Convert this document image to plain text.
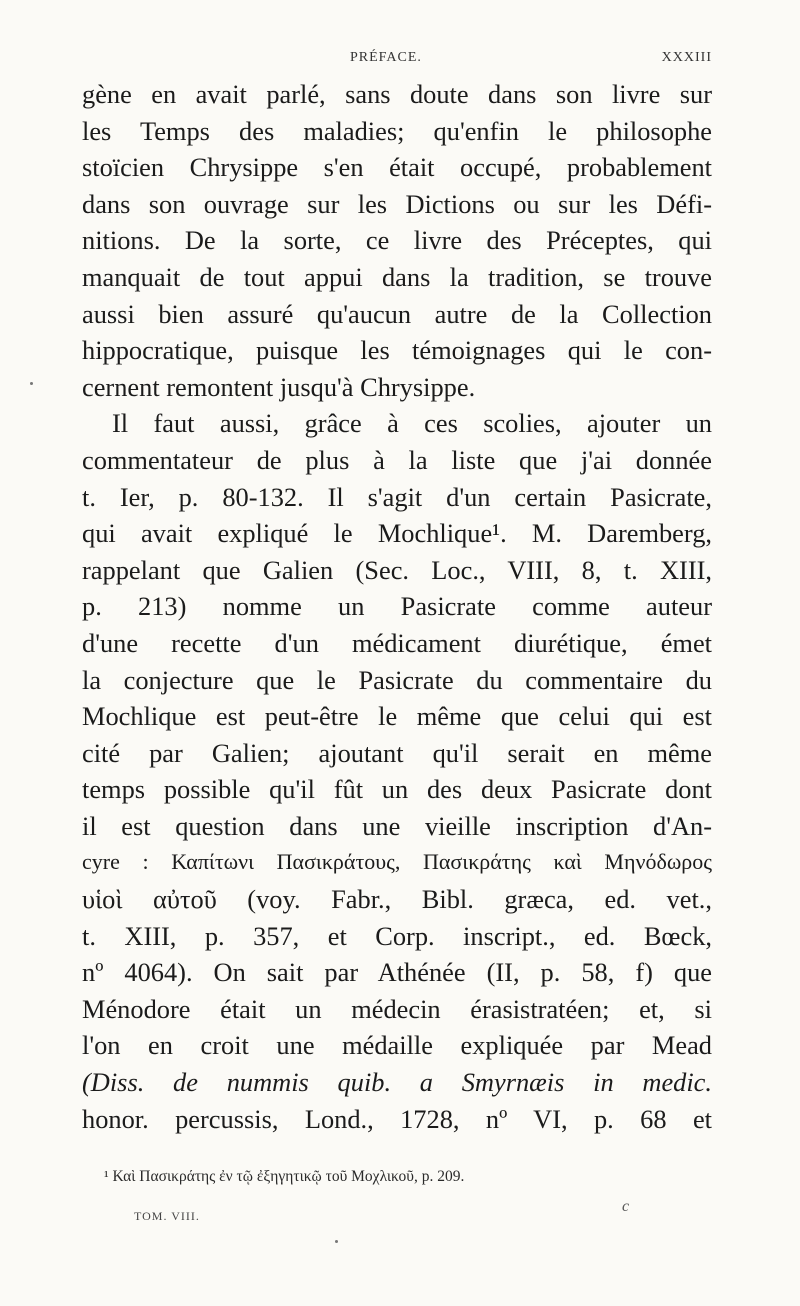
PRÉFACE.	XXXIII
gène en avait parlé, sans doute dans son livre sur
les Temps des maladies; qu'enfin le philosophe
stoïcien Chrysippe s'en était occupé, probablement
dans son ouvrage sur les Dictions ou sur les Défi-
nitions. De la sorte, ce livre des Préceptes, qui
manquait de tout appui dans la tradition, se trouve
aussi bien assuré qu'aucun autre de la Collection
hippocratique, puisque les témoignages qui le con-
cernent remontent jusqu'à Chrysippe.
Il faut aussi, grâce à ces scolies, ajouter un
commentateur de plus à la liste que j'ai donnée
t. Ier, p. 80-132. Il s'agit d'un certain Pasicrate,
qui avait expliqué le Mochlique¹. M. Daremberg,
rappelant que Galien (Sec. Loc., VIII, 8, t. XIII,
p. 213) nomme un Pasicrate comme auteur
d'une recette d'un médicament diurétique, émet
la conjecture que le Pasicrate du commentaire du
Mochlique est peut-être le même que celui qui est
cité par Galien; ajoutant qu'il serait en même
temps possible qu'il fût un des deux Pasicrate dont
il est question dans une vieille inscription d'An-
cyre : Καπίτωνι Πασικράτους, Πασικράτης καὶ Μηνόδωρος
υἱοὶ αὐτοῦ (voy. Fabr., Bibl. græca, ed. vet.,
t. XIII, p. 357, et Corp. inscript., ed. Bœck,
nº 4064). On sait par Athénée (II, p. 58, f) que
Ménodore était un médecin érasistratéen; et, si
l'on en croit une médaille expliquée par Mead
(Diss. de nummis quib. a Smyrnæis in medic.
honor. percussis, Lond., 1728, nº VI, p. 68 et
¹ Καὶ Πασικράτης ἐν τῷ ἐξηγητικῷ τοῦ Μοχλικοῦ, p. 209.
TOM. VIII.
c
